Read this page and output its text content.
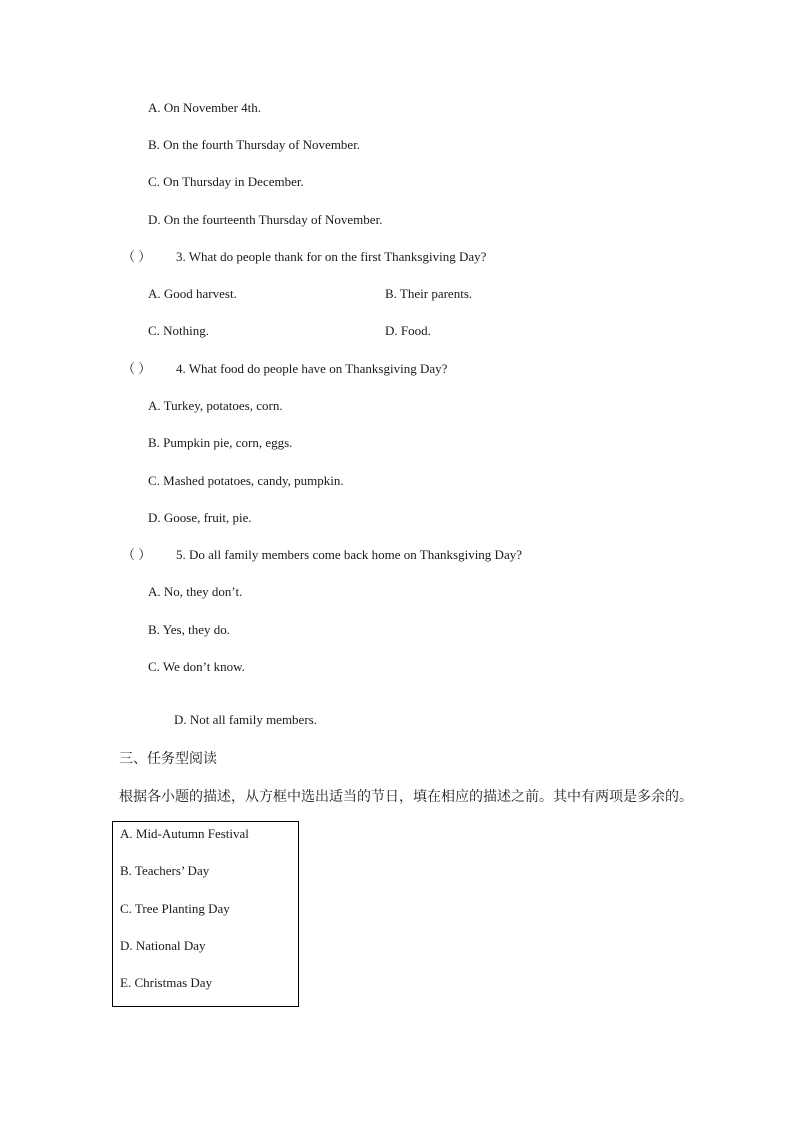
A. On November 4th.
B. On the fourth Thursday of November.
C. On Thursday in December.
D. On the fourteenth Thursday of November.
（ ） 3. What do people thank for on the first Thanksgiving Day?
A. Good harvest.	B. Their parents.
C. Nothing.	D. Food.
（ ） 4. What food do people have on Thanksgiving Day?
A. Turkey, potatoes, corn.
B. Pumpkin pie, corn, eggs.
C. Mashed potatoes, candy, pumpkin.
D. Goose, fruit, pie.
（ ） 5. Do all family members come back home on Thanksgiving Day?
A. No, they don’t.
B. Yes, they do.
C. We don’t know.
D. Not all family members.
三、任务型阅读
根据各小题的描述，从方框中选出适当的节日，填在相应的描述之前。其中有两项是多余的。
A. Mid-Autumn Festival
B. Teachers’ Day
C. Tree Planting Day
D. National Day
E. Christmas Day
